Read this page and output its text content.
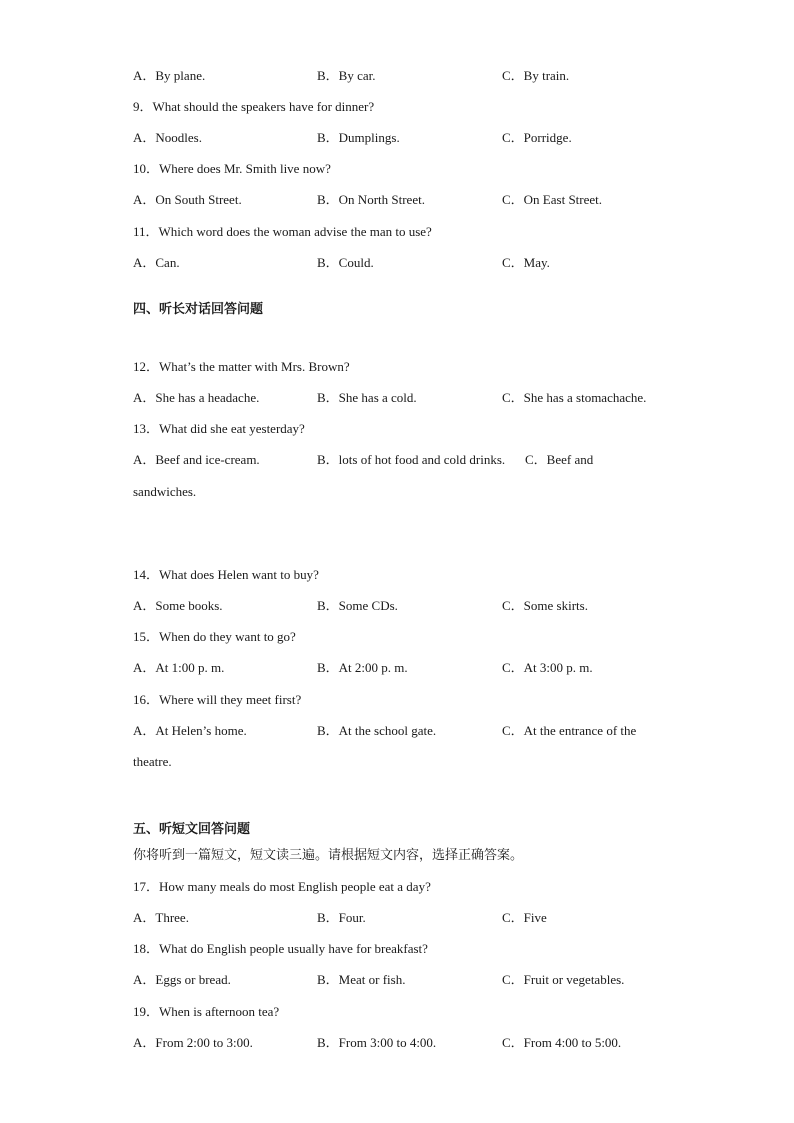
A．By plane.	B．By car.	C．By train.
9．What should the speakers have for dinner?
A．Noodles.	B．Dumplings.	C．Porridge.
10．Where does Mr. Smith live now?
A．On South Street.	B．On North Street.	C．On East Street.
11．Which word does the woman advise the man to use?
A．Can.	B．Could.	C．May.
四、听长对话回答问题
12．What’s the matter with Mrs. Brown?
A．She has a headache.	B．She has a cold.	C．She has a stomachache.
13．What did she eat yesterday?
A．Beef and ice-cream.	B．lots of hot food and cold drinks. C．Beef and
sandwiches.
14．What does Helen want to buy?
A．Some books.	B．Some CDs.	C．Some skirts.
15．When do they want to go?
A．At 1:00 p. m.	B．At 2:00 p. m.	C．At 3:00 p. m.
16．Where will they meet first?
A．At Helen’s home.	B．At the school gate.	C．At the entrance of the
theatre.
五、听短文回答问题
你将听到一篇短文，短文读三遍。请根据短文内容，选择正确答案。
17．How many meals do most English people eat a day?
A．Three.	B．Four.	C．Five
18．What do English people usually have for breakfast?
A．Eggs or bread.	B．Meat or fish.	C．Fruit or vegetables.
19．When is afternoon tea?
A．From 2:00 to 3:00.	B．From 3:00 to 4:00.	C．From 4:00 to 5:00.
